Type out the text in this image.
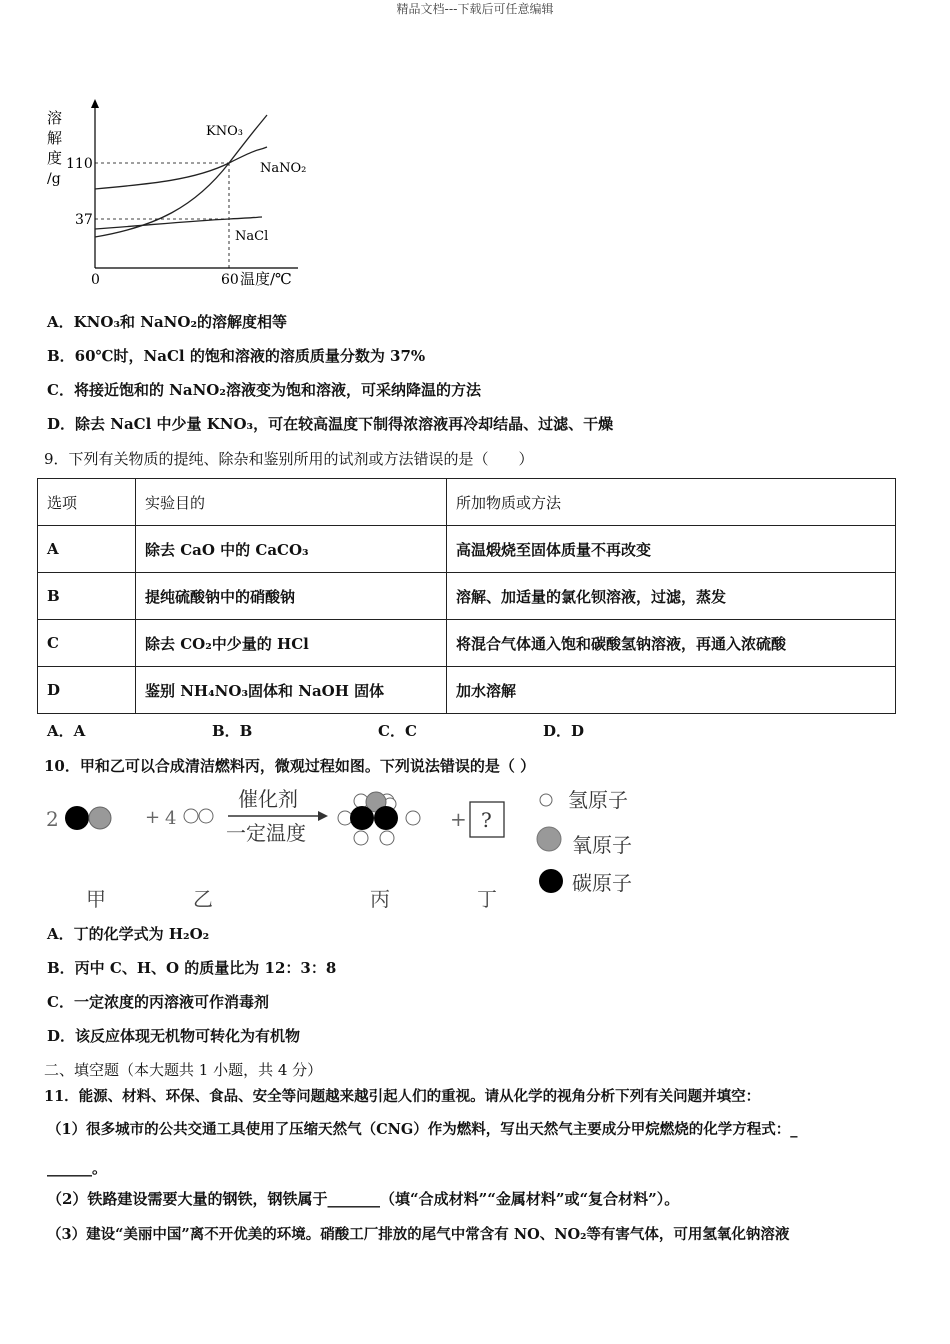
精品文档---下载后可任意编辑
溶
解
度
/g
110
37
0	60 温度/℃
KNO₃
NaNO₂
NaCl
A．KNO₃和 NaNO₂的溶解度相等
B．60℃时，NaCl 的饱和溶液的溶质质量分数为 37%
C．将接近饱和的 NaNO₂溶液变为饱和溶液，可采纳降温的方法
D．除去 NaCl 中少量 KNO₃，可在较高温度下制得浓溶液再冷却结晶、过滤、干燥
9．下列有关物质的提纯、除杂和鉴别所用的试剂或方法错误的是（　　）
选项	实验目的	所加物质或方法
A	除去 CaO 中的 CaCO₃	高温煅烧至固体质量不再改变
B	提纯硫酸钠中的硝酸钠	溶解、加适量的氯化钡溶液，过滤，蒸发
C	除去 CO₂中少量的 HCl	将混合气体通入饱和碳酸氢钠溶液，再通入浓硫酸
D	鉴别 NH₄NO₃固体和 NaOH 固体	加水溶解
A．A	B．B	C．C	D．D
10．甲和乙可以合成清洁燃料丙，微观过程如图。下列说法错误的是（ ）
2	+ 4	+
催化剂
一定温度
?
氢原子
氧原子
碳原子
甲	乙	丙	丁
A．丁的化学式为 H₂O₂
B．丙中 C、H、O 的质量比为 12：3：8
C．一定浓度的丙溶液可作消毒剂
D．该反应体现无机物可转化为有机物
二、填空题（本大题共 1 小题，共 4 分）
11．能源、材料、环保、食品、安全等问题越来越引起人们的重视。请从化学的视角分析下列有关问题并填空：
（1）很多城市的公共交通工具使用了压缩天然气（CNG）作为燃料，写出天然气主要成分甲烷燃烧的化学方程式：_
______。
（2）铁路建设需要大量的钢铁，钢铁属于_______（填“合成材料”“金属材料”或“复合材料”）。
（3）建设“美丽中国”离不开优美的环境。硝酸工厂排放的尾气中常含有 NO、NO₂等有害气体，可用氢氧化钠溶液
